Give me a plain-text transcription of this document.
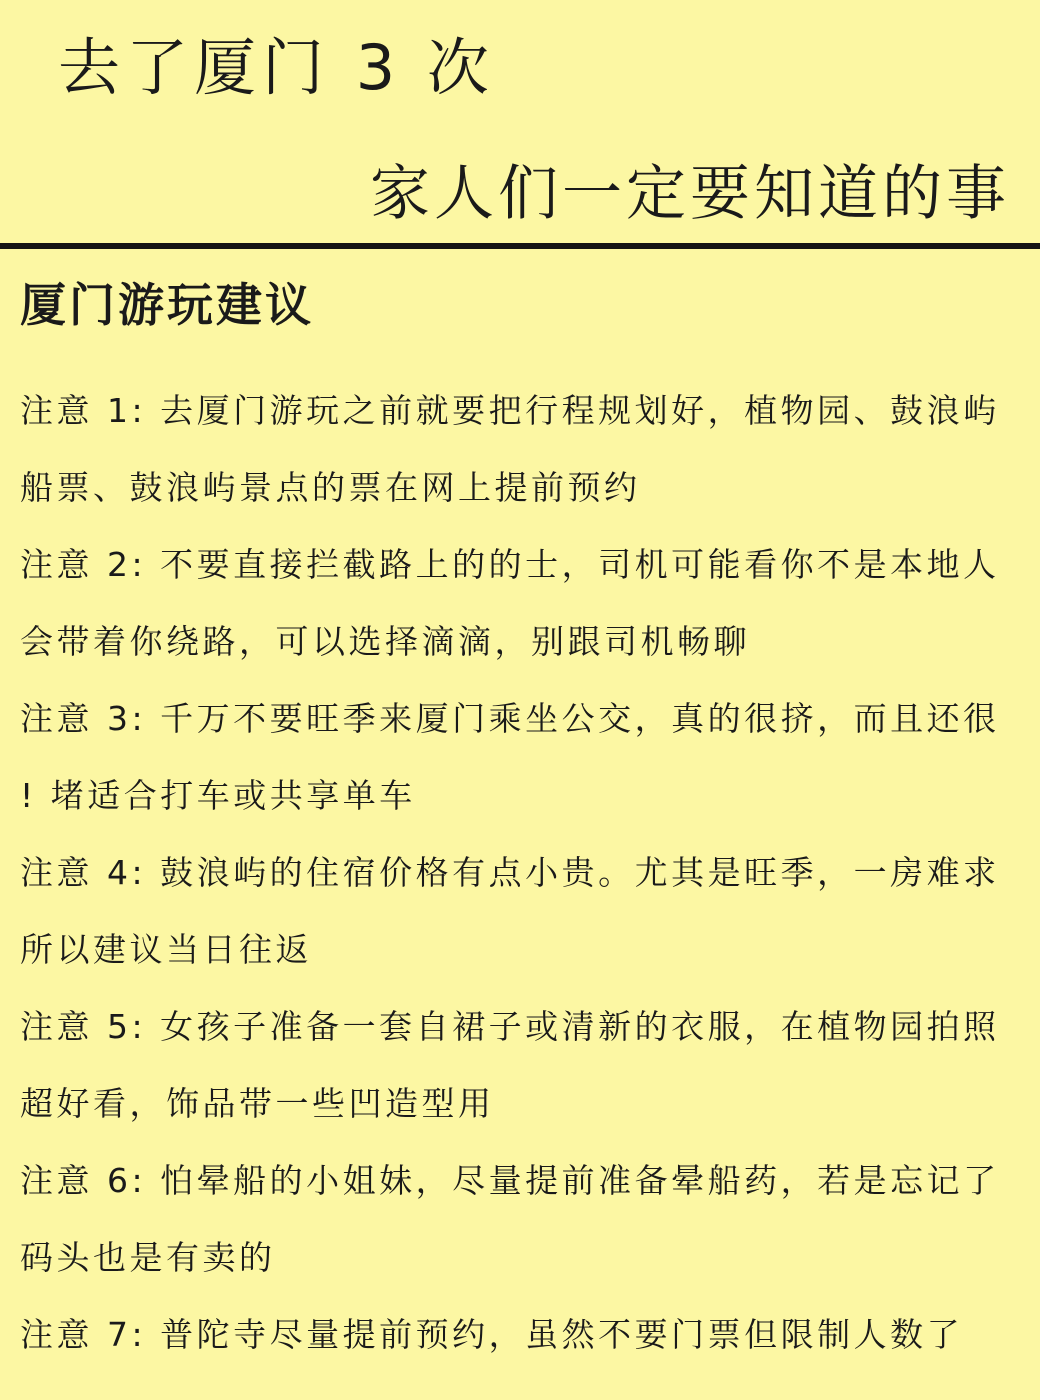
去了厦门 3 次
家人们一定要知道的事
厦门游玩建议
注意 1: 去厦门游玩之前就要把行程规划好，植物园、鼓浪屿
船票、鼓浪屿景点的票在网上提前预约
注意 2: 不要直接拦截路上的的士，司机可能看你不是本地人
会带着你绕路，可以选择滴滴，别跟司机畅聊
注意 3: 千万不要旺季来厦门乘坐公交，真的很挤，而且还很
! 堵适合打车或共享单车
注意 4: 鼓浪屿的住宿价格有点小贵。尤其是旺季，一房难求
所以建议当日往返
注意 5: 女孩子准备一套自裙子或清新的衣服，在植物园拍照
超好看，饰品带一些凹造型用
注意 6: 怕晕船的小姐妹，尽量提前准备晕船药，若是忘记了
码头也是有卖的
注意 7: 普陀寺尽量提前预约，虽然不要门票但限制人数了
